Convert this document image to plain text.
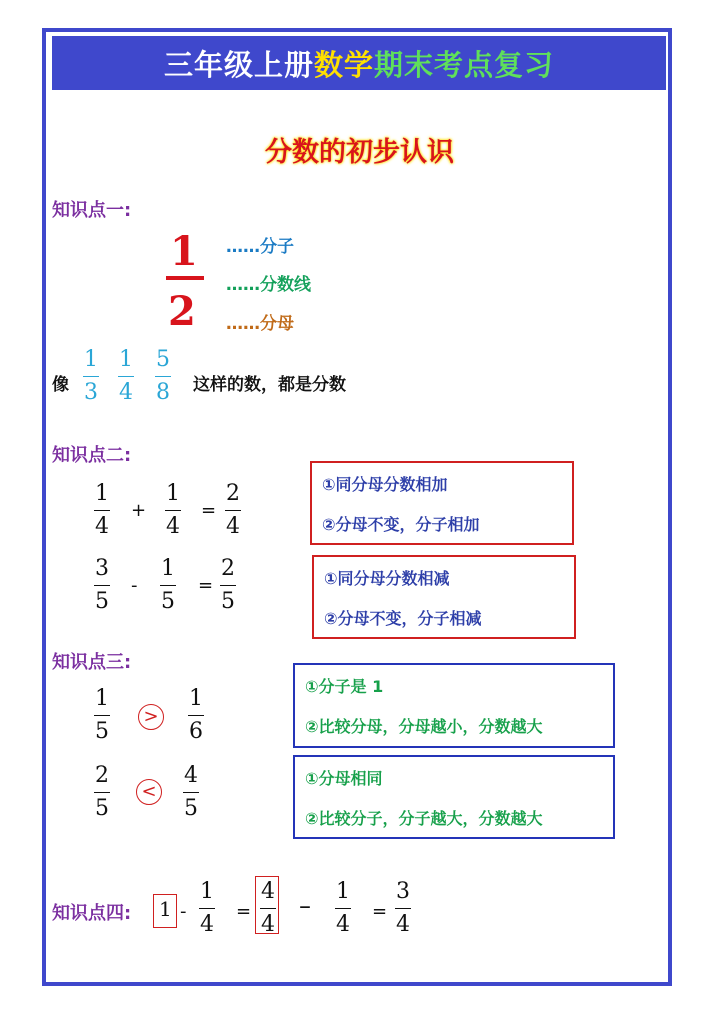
三年级上册 数学 期末考点复习
分数的初步认识
知识点一:
1
2
……分子
……分数线
……分母
像
1
3
1
4
5
8 这样的数，都是分数
知识点二:
1
4
+
1
4
=
2
4
3
5
-
1
5
=
2
5
①同分母分数相加
②分母不变，分子相加
①同分母分数相减
②分母不变，分子相减
知识点三:
1
5
>
1
6
2
5
<
4
5
①分子是 1
②比较分母，分母越小，分数越大
①分母相同
②比较分子，分子越大，分数越大
知识点四: 1 -
1
4
=
4
4
–
1
4
=
3
4
